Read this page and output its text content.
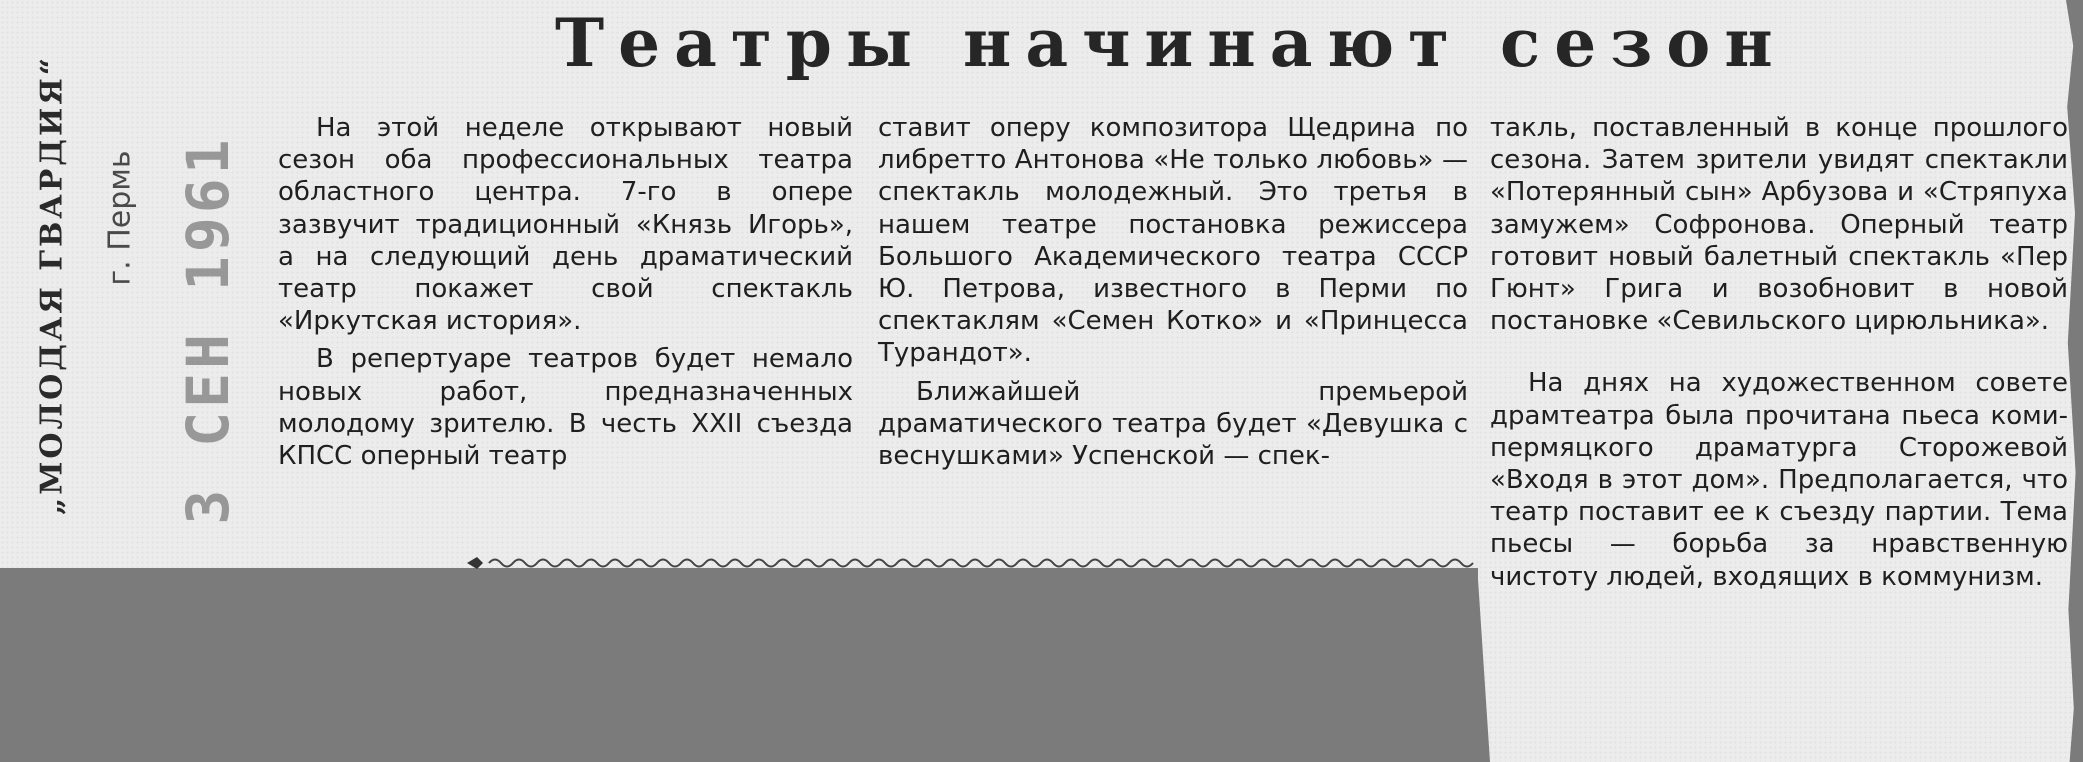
„МОЛОДАЯ ГВАРДИЯ“ г. Пермь 3 СЕН 1961
Театры начинают сезон

На этой неделе открывают новый сезон оба профессиональных театра областного центра. 7-го в опере зазвучит традиционный «Князь Игорь», а на следующий день драматический театр покажет свой спектакль «Иркутская история».

В репертуаре театров будет немало новых работ, предназначенных молодому зрителю. В честь XXII съезда КПСС оперный театр

ставит оперу композитора Щедрина по либретто Антонова «Не только любовь» — спектакль молодежный. Это третья в нашем театре постановка режиссера Большого Академического театра СССР Ю. Петрова, известного в Перми по спектаклям «Семен Котко» и «Принцесса Турандот».

Ближайшей премьерой драматического театра будет «Девушка с веснушками» Успенской — спек-

такль, поставленный в конце прошлого сезона. Затем зрители увидят спектакли «Потерянный сын» Арбузова и «Стряпуха замужем» Софронова. Оперный театр готовит новый балетный спектакль «Пер Гюнт» Грига и возобновит в новой постановке «Севильского цирюльника».

На днях на художественном совете драмтеатра была прочитана пьеса коми-пермяцкого драматурга Сторожевой «Входя в этот дом». Предполагается, что театр поставит ее к съезду партии. Тема пьесы — борьба за нравственную чистоту людей, входящих в коммунизм.
